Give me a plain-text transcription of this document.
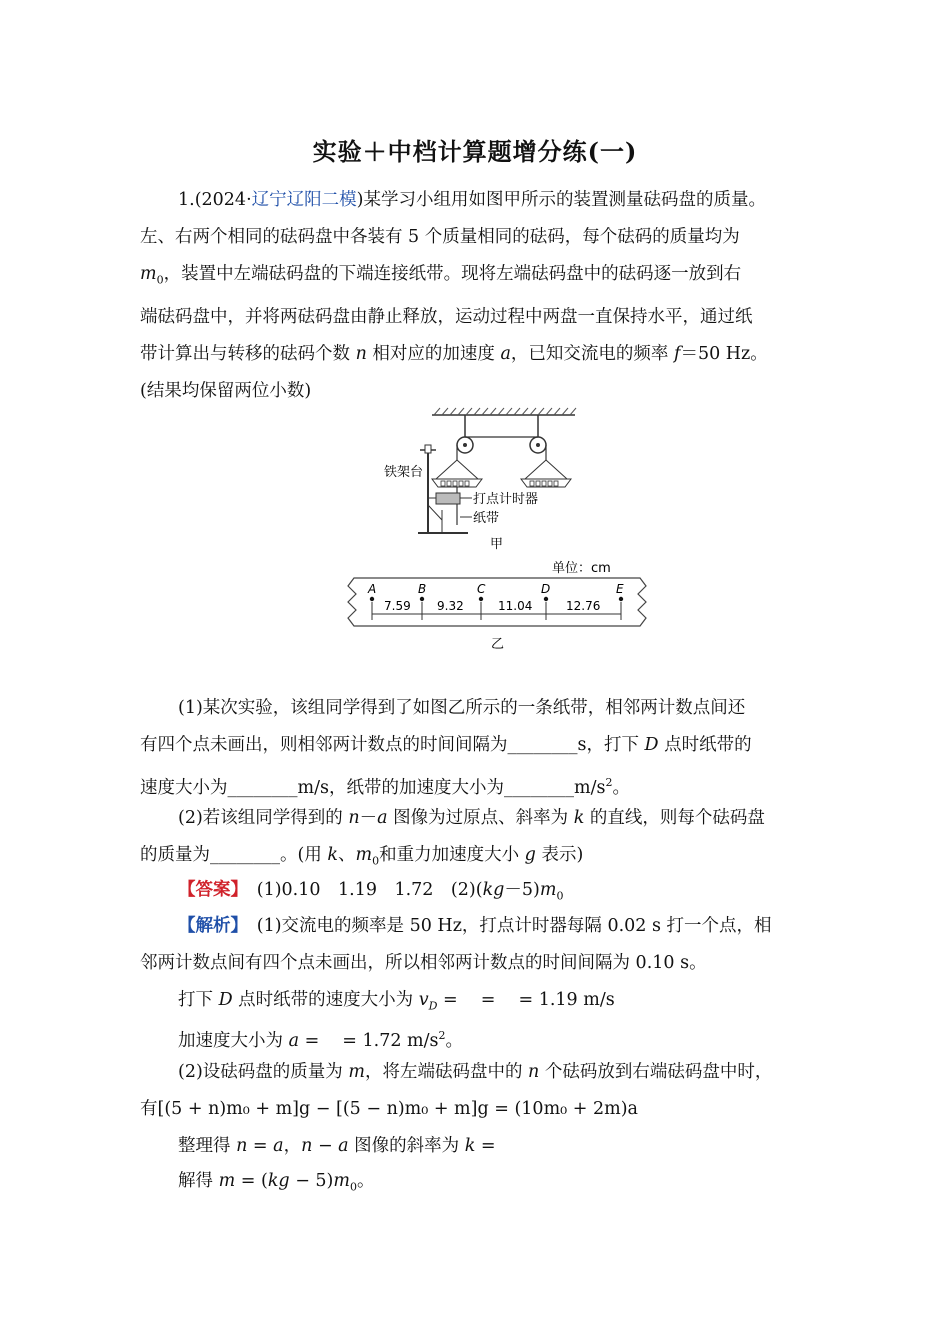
实验＋中档计算题增分练(一)
1.(2024·辽宁辽阳二模)某学习小组用如图甲所示的装置测量砝码盘的质量。
左、右两个相同的砝码盘中各装有 5 个质量相同的砝码，每个砝码的质量均为
$m_0$，装置中左端砝码盘的下端连接纸带。现将左端砝码盘中的砝码逐一放到右
端砝码盘中，并将两砝码盘由静止释放，运动过程中两盘一直保持水平，通过纸
带计算出与转移的砝码个数 n 相对应的加速度 a，已知交流电的频率 f＝50 Hz。
(结果均保留两位小数)
铁架台
打点计时器
纸带
甲
单位：cm
A	B	C	D	E
7.59 9.32	11.04	12.76
乙
(1)某次实验，该组同学得到了如图乙所示的一条纸带，相邻两计数点间还
有四个点未画出，则相邻两计数点的时间间隔为________s，打下 D 点时纸带的
速度大小为________m/s，纸带的加速度大小为$\_\_\_\_\_\_\_\_m/s^2$。
(2)若该组同学得到的 n－a 图像为过原点、斜率为 k 的直线，则每个砝码盘
的质量为________。(用 k、$m_0$和重力加速度大小 g 表示)
【答案】　 (1)0.10　1.19　1.72　$(2)(kg-5)m_0$
【解析】　 (1)交流电的频率是 50 Hz，打点计时器每隔 0.02 s 打一个点，相
邻两计数点间有四个点未画出，所以相邻两计数点的时间间隔为 0.10 s。
打下 D 点时纸带的速度大小为 $v_D$ = 　= 　= 1.19 m/s
加速度大小为 a = 　= 1.72 $m/s^2$。
(2)设砝码盘的质量为 m，将左端砝码盘中的 n 个砝码放到右端砝码盘中时，
有[(5 + n)m₀ + m]g − [(5 − n)m₀ + m]g = (10m₀ + 2m)a
整理得 n = a，n − a 图像的斜率为 k =
解得 $m = (kg - 5)m_0$。
